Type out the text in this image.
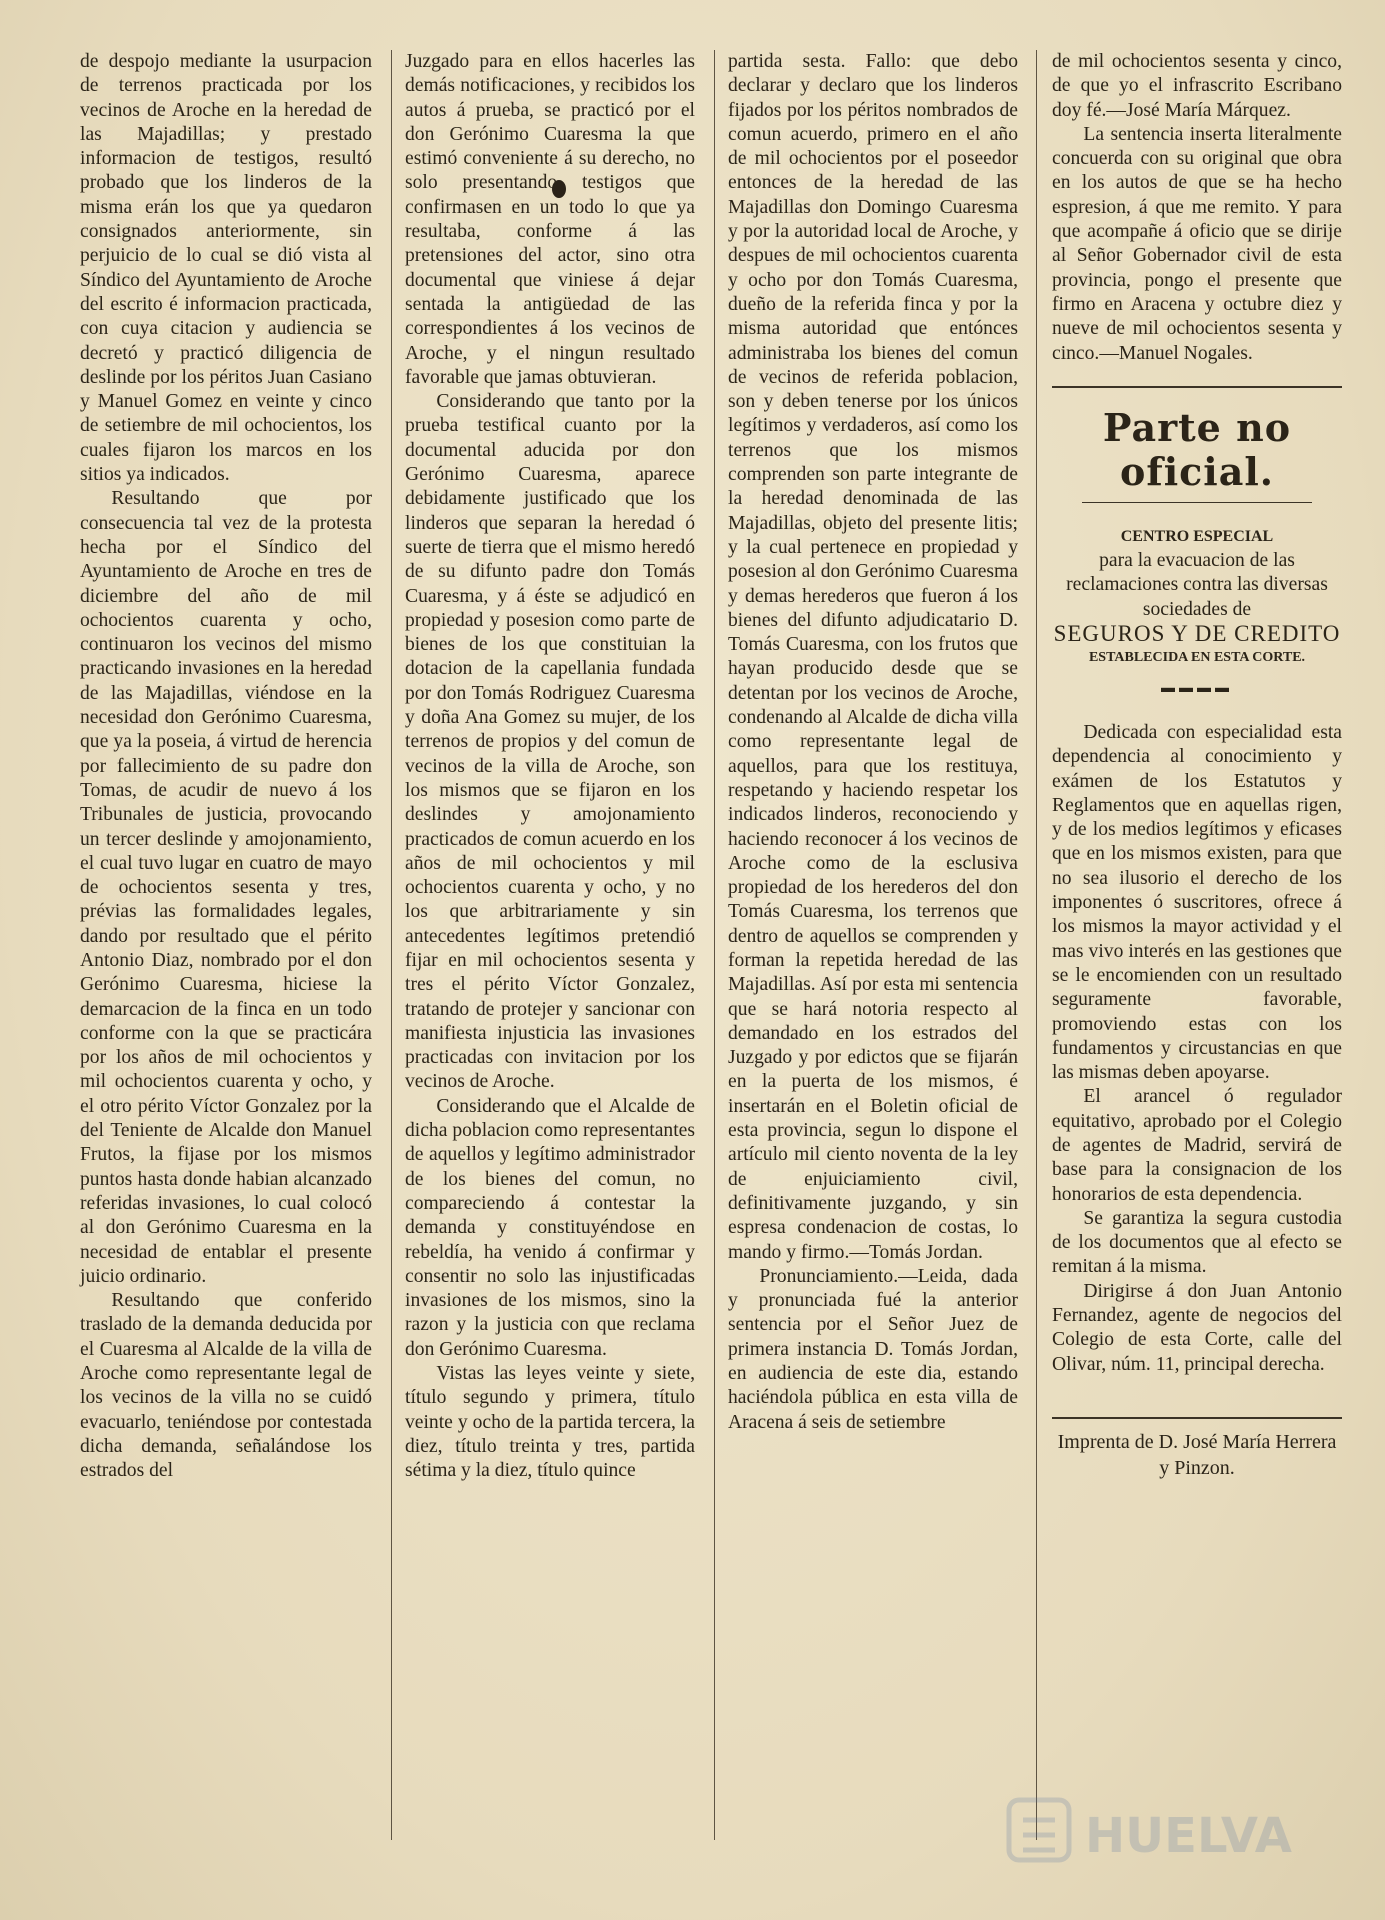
de despojo mediante la usurpacion de terrenos practicada por los vecinos de Aroche en la heredad de las Majadillas; y prestado informacion de testigos, resultó probado que los linderos de la misma erán los que ya quedaron consignados anteriormente, sin perjuicio de lo cual se dió vista al Síndico del Ayuntamiento de Aroche del escrito é informacion practicada, con cuya citacion y audiencia se decretó y practicó diligencia de deslinde por los péritos Juan Casiano y Manuel Gomez en veinte y cinco de setiembre de mil ochocientos, los cuales fijaron los marcos en los sitios ya indicados.

Resultando que por consecuencia tal vez de la protesta hecha por el Síndico del Ayuntamiento de Aroche en tres de diciembre del año de mil ochocientos cuarenta y ocho, continuaron los vecinos del mismo practicando invasiones en la heredad de las Majadillas, viéndose en la necesidad don Gerónimo Cuaresma, que ya la poseia, á virtud de herencia por fallecimiento de su padre don Tomas, de acudir de nuevo á los Tribunales de justicia, provocando un tercer deslinde y amojonamiento, el cual tuvo lugar en cuatro de mayo de ochocientos sesenta y tres, prévias las formalidades legales, dando por resultado que el périto Antonio Diaz, nombrado por el don Gerónimo Cuaresma, hiciese la demarcacion de la finca en un todo conforme con la que se practicára por los años de mil ochocientos y mil ochocientos cuarenta y ocho, y el otro périto Víctor Gonzalez por la del Teniente de Alcalde don Manuel Frutos, la fijase por los mismos puntos hasta donde habian alcanzado referidas invasiones, lo cual colocó al don Gerónimo Cuaresma en la necesidad de entablar el presente juicio ordinario.

Resultando que conferido traslado de la demanda deducida por el Cuaresma al Alcalde de la villa de Aroche como representante legal de los vecinos de la villa no se cuidó evacuarlo, teniéndose por contestada dicha demanda, señalándose los estrados del

Juzgado para en ellos hacerles las demás notificaciones, y recibidos los autos á prueba, se practicó por el don Gerónimo Cuaresma la que estimó conveniente á su derecho, no solo presentando testigos que confirmasen en un todo lo que ya resultaba, conforme á las pretensiones del actor, sino otra documental que viniese á dejar sentada la antigüedad de las correspondientes á los vecinos de Aroche, y el ningun resultado favorable que jamas obtuvieran.

Considerando que tanto por la prueba testifical cuanto por la documental aducida por don Gerónimo Cuaresma, aparece debidamente justificado que los linderos que separan la heredad ó suerte de tierra que el mismo heredó de su difunto padre don Tomás Cuaresma, y á éste se adjudicó en propiedad y posesion como parte de bienes de los que constituian la dotacion de la capellania fundada por don Tomás Rodriguez Cuaresma y doña Ana Gomez su mujer, de los terrenos de propios y del comun de vecinos de la villa de Aroche, son los mismos que se fijaron en los deslindes y amojonamiento practicados de comun acuerdo en los años de mil ochocientos y mil ochocientos cuarenta y ocho, y no los que arbitrariamente y sin antecedentes legítimos pretendió fijar en mil ochocientos sesenta y tres el périto Víctor Gonzalez, tratando de protejer y sancionar con manifiesta injusticia las invasiones practicadas con invitacion por los vecinos de Aroche.

Considerando que el Alcalde de dicha poblacion como representantes de aquellos y legítimo administrador de los bienes del comun, no compareciendo á contestar la demanda y constituyéndose en rebeldía, ha venido á confirmar y consentir no solo las injustificadas invasiones de los mismos, sino la razon y la justicia con que reclama don Gerónimo Cuaresma.

Vistas las leyes veinte y siete, título segundo y primera, título veinte y ocho de la partida tercera, la diez, título treinta y tres, partida sétima y la diez, título quince

partida sesta. Fallo: que debo declarar y declaro que los linderos fijados por los péritos nombrados de comun acuerdo, primero en el año de mil ochocientos por el poseedor entonces de la heredad de las Majadillas don Domingo Cuaresma y por la autoridad local de Aroche, y despues de mil ochocientos cuarenta y ocho por don Tomás Cuaresma, dueño de la referida finca y por la misma autoridad que entónces administraba los bienes del comun de vecinos de referida poblacion, son y deben tenerse por los únicos legítimos y verdaderos, así como los terrenos que los mismos comprenden son parte integrante de la heredad denominada de las Majadillas, objeto del presente litis; y la cual pertenece en propiedad y posesion al don Gerónimo Cuaresma y demas herederos que fueron á los bienes del difunto adjudicatario D. Tomás Cuaresma, con los frutos que hayan producido desde que se detentan por los vecinos de Aroche, condenando al Alcalde de dicha villa como representante legal de aquellos, para que los restituya, respetando y haciendo respetar los indicados linderos, reconociendo y haciendo reconocer á los vecinos de Aroche como de la esclusiva propiedad de los herederos del don Tomás Cuaresma, los terrenos que dentro de aquellos se comprenden y forman la repetida heredad de las Majadillas. Así por esta mi sentencia que se hará notoria respecto al demandado en los estrados del Juzgado y por edictos que se fijarán en la puerta de los mismos, é insertarán en el Boletin oficial de esta provincia, segun lo dispone el artículo mil ciento noventa de la ley de enjuiciamiento civil, definitivamente juzgando, y sin espresa condenacion de costas, lo mando y firmo.—Tomás Jordan.

Pronunciamiento.—Leida, dada y pronunciada fué la anterior sentencia por el Señor Juez de primera instancia D. Tomás Jordan, en audiencia de este dia, estando haciéndola pública en esta villa de Aracena á seis de setiembre

de mil ochocientos sesenta y cinco, de que yo el infrascrito Escribano doy fé.—José María Márquez.

La sentencia inserta literalmente concuerda con su original que obra en los autos de que se ha hecho espresion, á que me remito. Y para que acompañe á oficio que se dirije al Señor Gobernador civil de esta provincia, pongo el presente que firmo en Aracena y octubre diez y nueve de mil ochocientos sesenta y cinco.—Manuel Nogales.

Parte no oficial.

CENTRO ESPECIAL

para la evacuacion de las reclamaciones contra las diversas sociedades de

SEGUROS Y DE CREDITO

ESTABLECIDA EN ESTA CORTE.

▬▬▬▬

Dedicada con especialidad esta dependencia al conocimiento y exámen de los Estatutos y Reglamentos que en aquellas rigen, y de los medios legítimos y eficases que en los mismos existen, para que no sea ilusorio el derecho de los imponentes ó suscritores, ofrece á los mismos la mayor actividad y el mas vivo interés en las gestiones que se le encomienden con un resultado seguramente favorable, promoviendo estas con los fundamentos y circustancias en que las mismas deben apoyarse.

El arancel ó regulador equitativo, aprobado por el Colegio de agentes de Madrid, servirá de base para la consignacion de los honorarios de esta dependencia.

Se garantiza la segura custodia de los documentos que al efecto se remitan á la misma.

Dirigirse á don Juan Antonio Fernandez, agente de negocios del Colegio de esta Corte, calle del Olivar, núm. 11, principal derecha.

Imprenta de D. José María Herrera y Pinzon.

HUELVA
